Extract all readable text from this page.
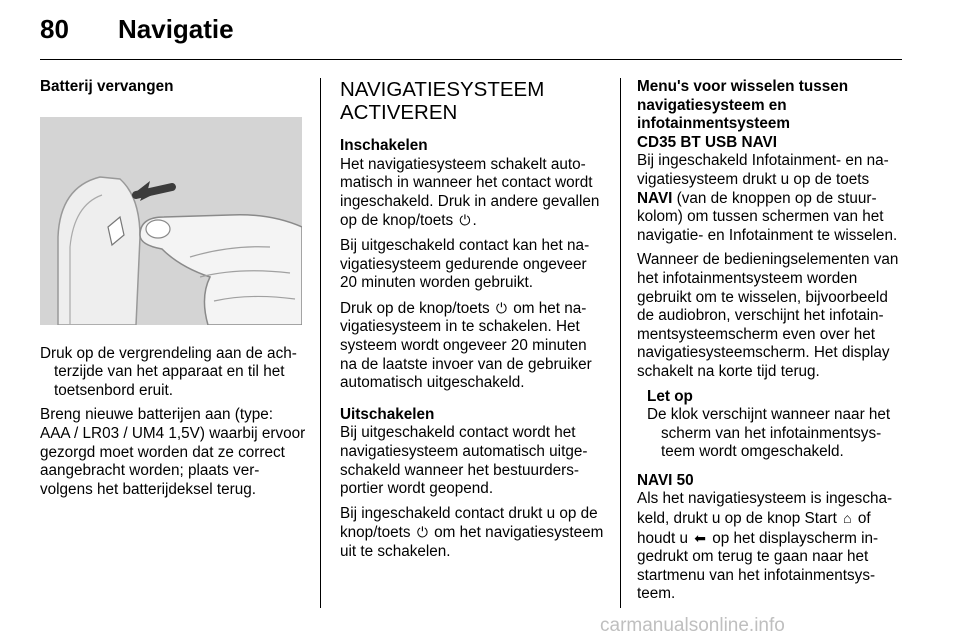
80 Navigatie
Batterij vervangen

Druk op de vergrendeling aan de achterzijde van het apparaat en til het toetsenbord eruit.

Breng nieuwe batterijen aan (type: AAA / LR03 / UM4 1,5V) waarbij ervoor gezorgd moet worden dat ze correct aangebracht worden; plaats vervolgens het batterijdeksel terug.

NAVIGATIESYSTEEM
ACTIVEREN
Inschakelen

Het navigatiesysteem schakelt automatisch in wanneer het contact wordt ingeschakeld. Druk in andere gevallen op de knop/toets ⏻ .

Bij uitgeschakeld contact kan het navigatiesysteem gedurende ongeveer 20 minuten worden gebruikt.

Druk op de knop/toets ⏻ om het navigatiesysteem in te schakelen. Het systeem wordt ongeveer 20 minuten na de laatste invoer van de gebruiker automatisch uitgeschakeld.

Uitschakelen

Bij uitgeschakeld contact wordt het navigatiesysteem automatisch uitgeschakeld wanneer het bestuurdersportier wordt geopend.

Bij ingeschakeld contact drukt u op de knop/toets ⏻ om het navigatiesysteem uit te schakelen.

Menu's voor wisselen tussen navigatiesysteem en infotainmentsysteem
CD35 BT USB NAVI

Bij ingeschakeld Infotainment- en navigatiesysteem drukt u op de toets NAVI (van de knoppen op de stuurkolom) om tussen schermen van het navigatie- en Infotainment te wisselen.

Wanneer de bedieningselementen van het infotainmentsysteem worden gebruikt om te wisselen, bijvoorbeeld de audiobron, verschijnt het infotainmentsysteemscherm even over het navigatiesysteemscherm. Het display schakelt na korte tijd terug.

Let op
De klok verschijnt wanneer naar het scherm van het infotainmentsysteem wordt omgeschakeld.
NAVI 50

Als het navigatiesysteem is ingeschakeld, drukt u op de knop Start ⌂ of houdt u ⬅ op het displayscherm ingedrukt om terug te gaan naar het startmenu van het infotainmentsysteem.

carmanualsonline.info
